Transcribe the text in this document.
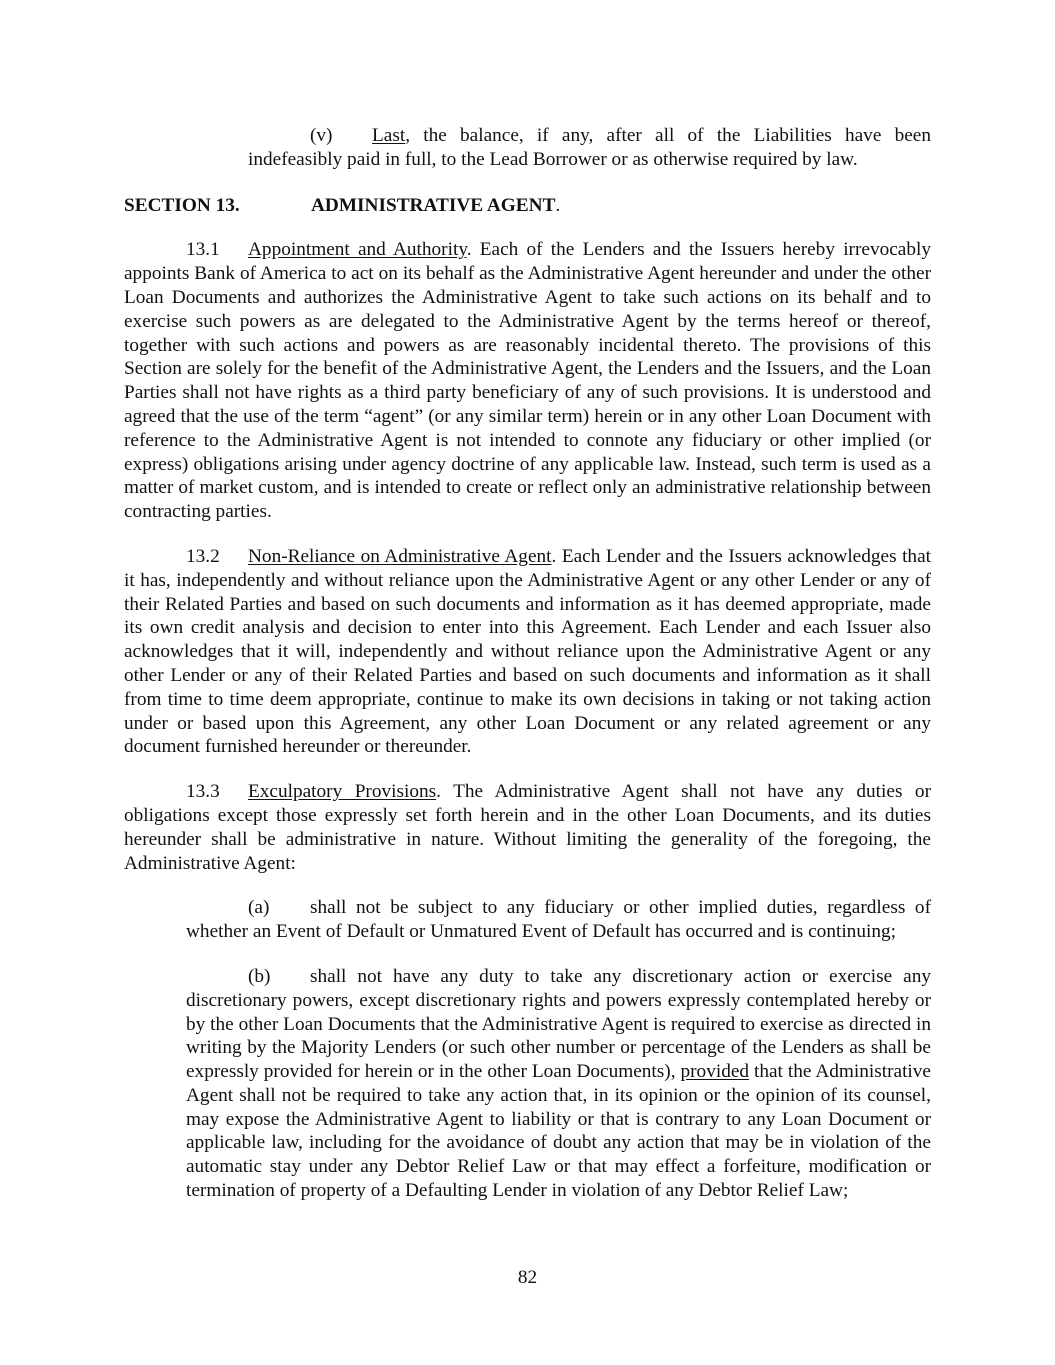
(v) Last, the balance, if any, after all of the Liabilities have been indefeasibly paid in full, to the Lead Borrower or as otherwise required by law.

SECTION 13.	ADMINISTRATIVE AGENT.

13.1 Appointment and Authority. Each of the Lenders and the Issuers hereby irrevocably appoints Bank of America to act on its behalf as the Administrative Agent hereunder and under the other Loan Documents and authorizes the Administrative Agent to take such actions on its behalf and to exercise such powers as are delegated to the Administrative Agent by the terms hereof or thereof, together with such actions and powers as are reasonably incidental thereto. The provisions of this Section are solely for the benefit of the Administrative Agent, the Lenders and the Issuers, and the Loan Parties shall not have rights as a third party beneficiary of any of such provisions. It is understood and agreed that the use of the term “agent” (or any similar term) herein or in any other Loan Document with reference to the Administrative Agent is not intended to connote any fiduciary or other implied (or express) obligations arising under agency doctrine of any applicable law. Instead, such term is used as a matter of market custom, and is intended to create or reflect only an administrative relationship between contracting parties.

13.2 Non-Reliance on Administrative Agent. Each Lender and the Issuers acknowledges that it has, independently and without reliance upon the Administrative Agent or any other Lender or any of their Related Parties and based on such documents and information as it has deemed appropriate, made its own credit analysis and decision to enter into this Agreement. Each Lender and each Issuer also acknowledges that it will, independently and without reliance upon the Administrative Agent or any other Lender or any of their Related Parties and based on such documents and information as it shall from time to time deem appropriate, continue to make its own decisions in taking or not taking action under or based upon this Agreement, any other Loan Document or any related agreement or any document furnished hereunder or thereunder.

13.3 Exculpatory Provisions. The Administrative Agent shall not have any duties or obligations except those expressly set forth herein and in the other Loan Documents, and its duties hereunder shall be administrative in nature. Without limiting the generality of the foregoing, the Administrative Agent:

(a) shall not be subject to any fiduciary or other implied duties, regardless of whether an Event of Default or Unmatured Event of Default has occurred and is continuing;

(b) shall not have any duty to take any discretionary action or exercise any discretionary powers, except discretionary rights and powers expressly contemplated hereby or by the other Loan Documents that the Administrative Agent is required to exercise as directed in writing by the Majority Lenders (or such other number or percentage of the Lenders as shall be expressly provided for herein or in the other Loan Documents), provided that the Administrative Agent shall not be required to take any action that, in its opinion or the opinion of its counsel, may expose the Administrative Agent to liability or that is contrary to any Loan Document or applicable law, including for the avoidance of doubt any action that may be in violation of the automatic stay under any Debtor Relief Law or that may effect a forfeiture, modification or termination of property of a Defaulting Lender in violation of any Debtor Relief Law;

82
